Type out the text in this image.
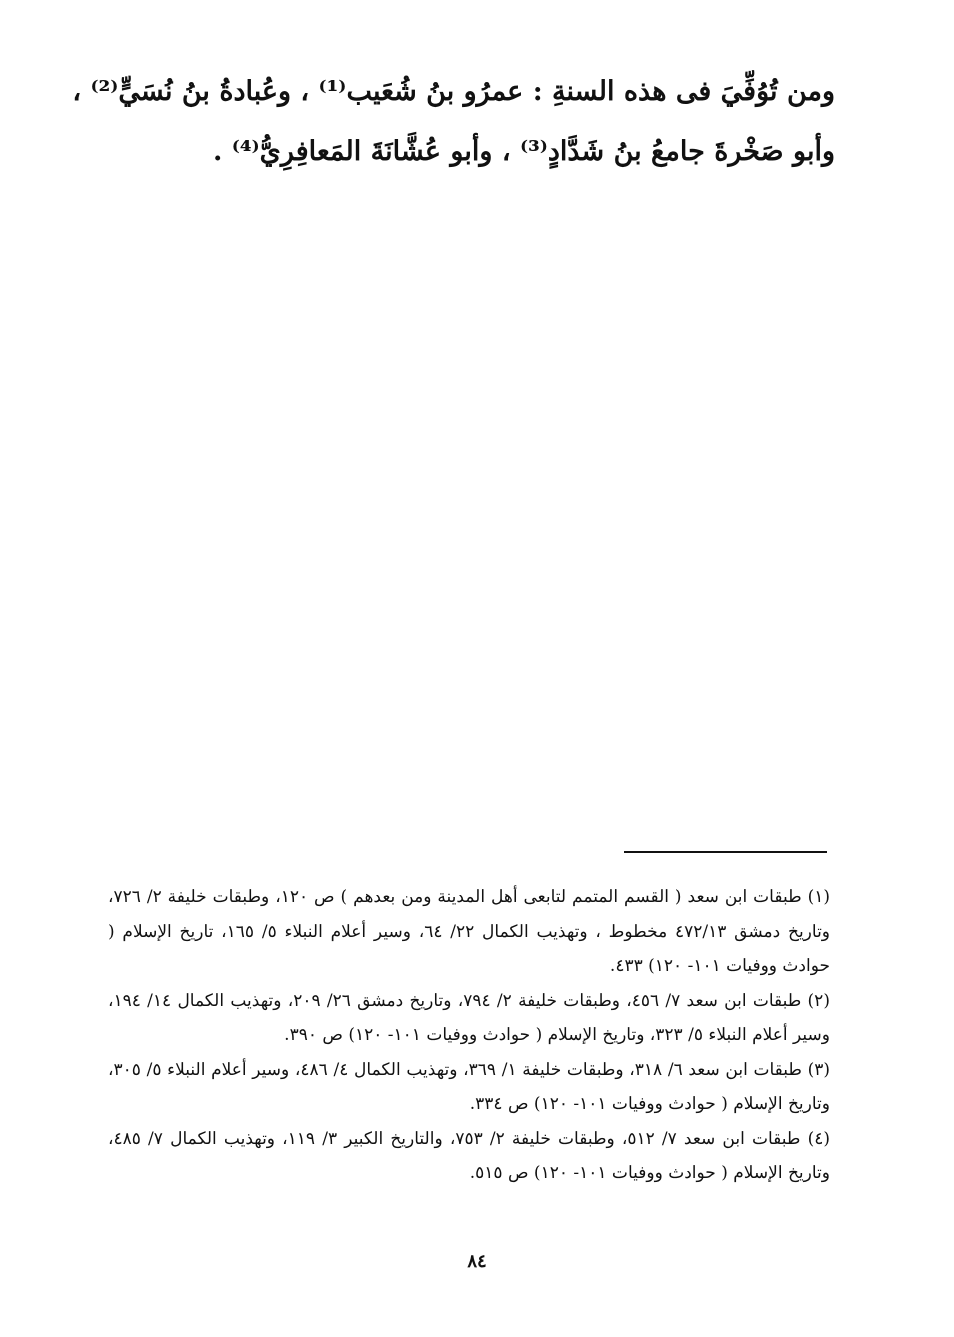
ومن تُوُفِّيَ فى هذه السنةِ : عمرُو بنُ شُعَيب⁽¹⁾ ، وعُبادةُ بنُ نُسَيٍّ⁽²⁾ ،

وأبو صَخْرةَ جامعُ بنُ شَدَّادٍ⁽³⁾ ، وأبو عُشَّانَةَ المَعافِرِيُّ⁽⁴⁾ .

(١) طبقات ابن سعد ( القسم المتمم لتابعى أهل المدينة ومن بعدهم ) ص ١٢٠، وطبقات خليفة ٢/ ٧٢٦، وتاريخ دمشق ٤٧٢/١٣ مخطوط ، وتهذيب الكمال ٢٢/ ٦٤، وسير أعلام النبلاء ٥/ ١٦٥، تاريخ الإسلام ( حوادث ووفيات ١٠١- ١٢٠) ٤٣٣.

(٢) طبقات ابن سعد ٧/ ٤٥٦، وطبقات خليفة ٢/ ٧٩٤، وتاريخ دمشق ٢٦/ ٢٠٩، وتهذيب الكمال ١٤/ ١٩٤، وسير أعلام النبلاء ٥/ ٣٢٣، وتاريخ الإسلام ( حوادث ووفيات ١٠١- ١٢٠) ص ٣٩٠.

(٣) طبقات ابن سعد ٦/ ٣١٨، وطبقات خليفة ١/ ٣٦٩، وتهذيب الكمال ٤/ ٤٨٦، وسير أعلام النبلاء ٥/ ٣٠٥، وتاريخ الإسلام ( حوادث ووفيات ١٠١- ١٢٠) ص ٣٣٤.

(٤) طبقات ابن سعد ٧/ ٥١٢، وطبقات خليفة ٢/ ٧٥٣، والتاريخ الكبير ٣/ ١١٩، وتهذيب الكمال ٧/ ٤٨٥، وتاريخ الإسلام ( حوادث ووفيات ١٠١- ١٢٠) ص ٥١٥.

٨٤
